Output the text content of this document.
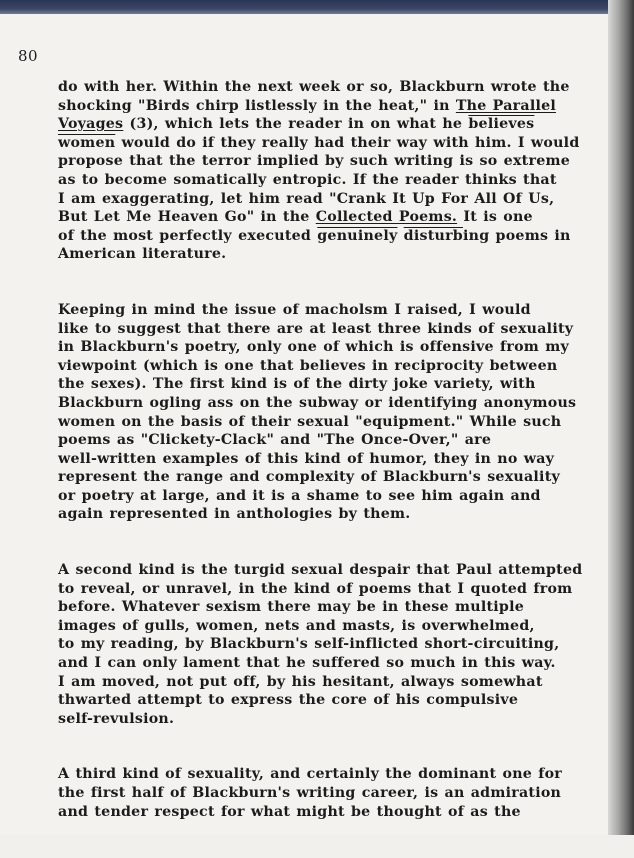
80
do with her. Within the next week or so, Blackburn wrote the
shocking "Birds chirp listlessly in the heat," in The Parallel
Voyages (3), which lets the reader in on what he believes
women would do if they really had their way with him. I would
propose that the terror implied by such writing is so extreme
as to become somatically entropic. If the reader thinks that
I am exaggerating, let him read "Crank It Up For All Of Us,
But Let Me Heaven Go" in the Collected Poems. It is one
of the most perfectly executed genuinely disturbing poems in
American literature.
Keeping in mind the issue of macholsm I raised, I would
like to suggest that there are at least three kinds of sexuality
in Blackburn's poetry, only one of which is offensive from my
viewpoint (which is one that believes in reciprocity between
the sexes). The first kind is of the dirty joke variety, with
Blackburn ogling ass on the subway or identifying anonymous
women on the basis of their sexual "equipment." While such
poems as "Clickety-Clack" and "The Once-Over," are
well-written examples of this kind of humor, they in no way
represent the range and complexity of Blackburn's sexuality
or poetry at large, and it is a shame to see him again and
again represented in anthologies by them.
A second kind is the turgid sexual despair that Paul attempted
to reveal, or unravel, in the kind of poems that I quoted from
before. Whatever sexism there may be in these multiple
images of gulls, women, nets and masts, is overwhelmed,
to my reading, by Blackburn's self-inflicted short-circuiting,
and I can only lament that he suffered so much in this way.
I am moved, not put off, by his hesitant, always somewhat
thwarted attempt to express the core of his compulsive
self-revulsion.
A third kind of sexuality, and certainly the dominant one for
the first half of Blackburn's writing career, is an admiration
and tender respect for what might be thought of as the
